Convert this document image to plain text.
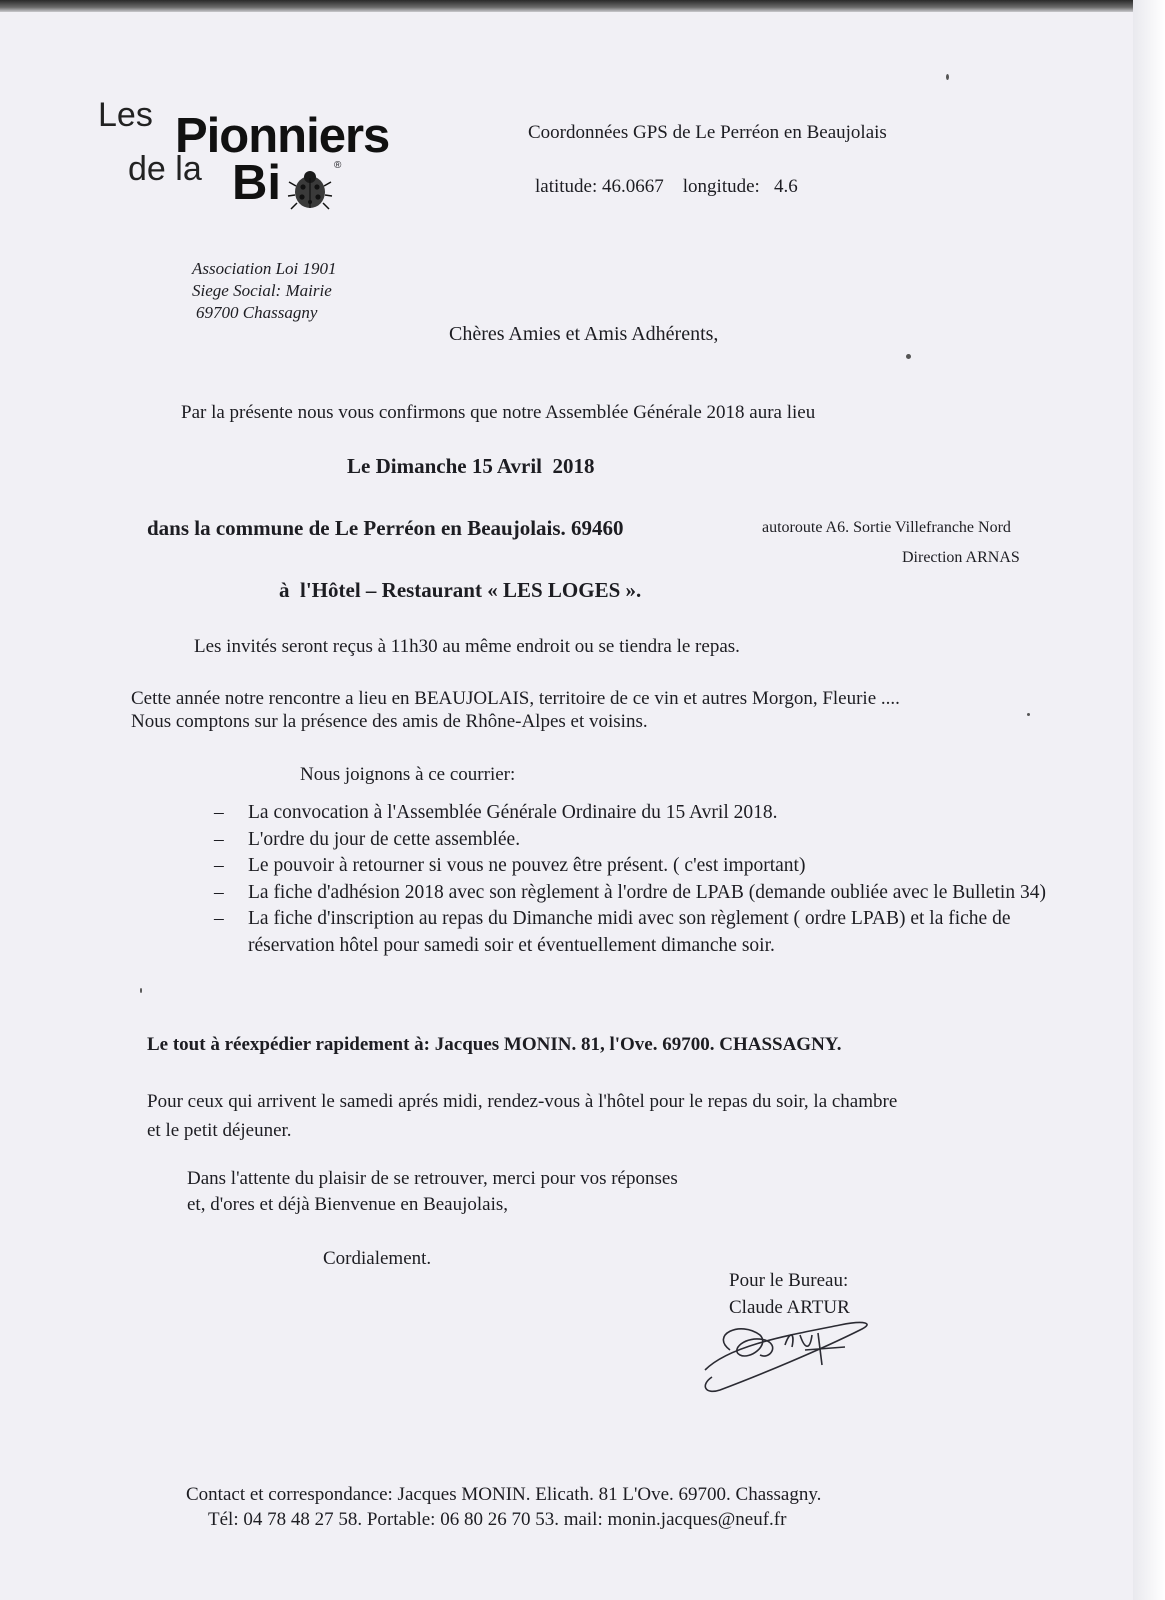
Les Pionniers
de la Bi	®
Coordonnées GPS de Le Perréon en Beaujolais
latitude: 46.0667    longitude:   4.6
Association Loi 1901
Siege Social: Mairie
69700 Chassagny
Chères Amies et Amis Adhérents,
Par la présente nous vous confirmons que notre Assemblée Générale 2018 aura lieu
Le Dimanche 15 Avril  2018
dans la commune de Le Perréon en Beaujolais. 69460	autoroute A6. Sortie Villefranche Nord
Direction ARNAS
à  l'Hôtel – Restaurant « LES LOGES ».
Les invités seront reçus à 11h30 au même endroit ou se tiendra le repas.
Cette année notre rencontre a lieu en BEAUJOLAIS, territoire de ce vin et autres Morgon, Fleurie ....
Nous comptons sur la présence des amis de Rhône-Alpes et voisins.
Nous joignons à ce courrier:
– La convocation à l'Assemblée Générale Ordinaire du 15 Avril 2018.
– L'ordre du jour de cette assemblée.
– Le pouvoir à retourner si vous ne pouvez être présent. ( c'est important)
– La fiche d'adhésion 2018 avec son règlement à l'ordre de LPAB (demande oubliée avec le Bulletin 34)
– La fiche d'inscription au repas du Dimanche midi avec son règlement ( ordre LPAB) et la fiche de réservation hôtel pour samedi soir et éventuellement dimanche soir.
Le tout à réexpédier rapidement à: Jacques MONIN. 81, l'Ove. 69700. CHASSAGNY.
Pour ceux qui arrivent le samedi aprés midi, rendez-vous à l'hôtel pour le repas du soir, la chambre
et le petit déjeuner.
Dans l'attente du plaisir de se retrouver, merci pour vos réponses
et, d'ores et déjà Bienvenue en Beaujolais,
Cordialement.
Pour le Bureau:
Claude ARTUR
Contact et correspondance: Jacques MONIN. Elicath. 81 L'Ove. 69700. Chassagny.
Tél: 04 78 48 27 58. Portable: 06 80 26 70 53. mail: monin.jacques@neuf.fr
